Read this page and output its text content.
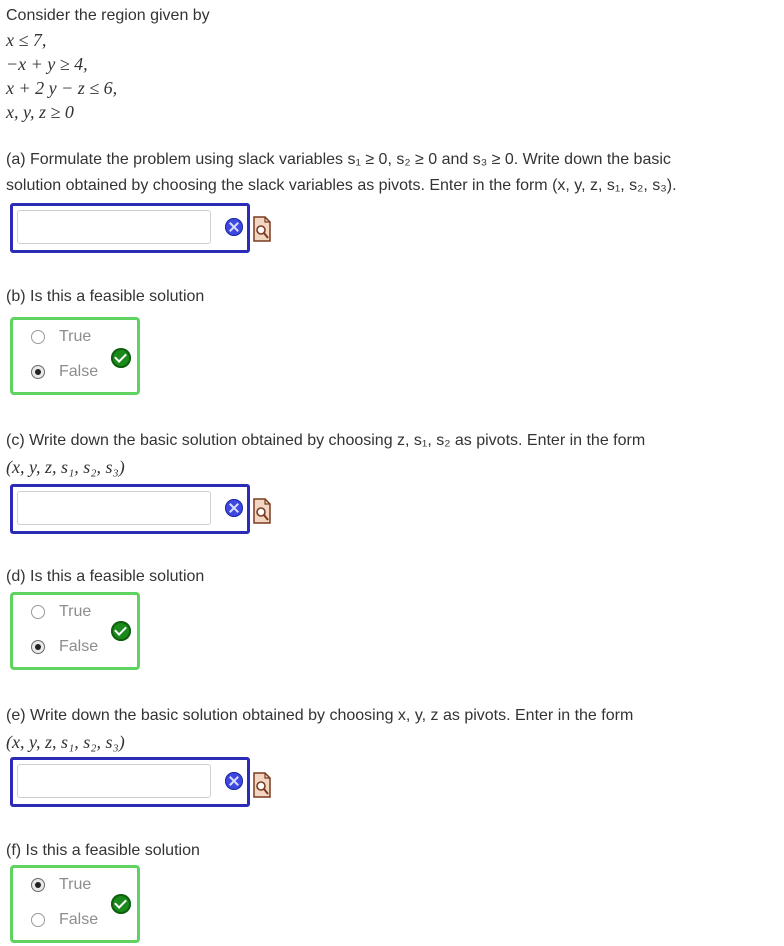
Consider the region given by
x ≤ 7,
−x + y ≥ 4,
x + 2 y − z ≤ 6,
x, y, z ≥ 0
(a) Formulate the problem using slack variables s₁ ≥ 0, s₂ ≥ 0 and s₃ ≥ 0. Write down the basic
solution obtained by choosing the slack variables as pivots. Enter in the form (x, y, z, s₁, s₂, s₃).
(b) Is this a feasible solution
True
False
(c) Write down the basic solution obtained by choosing z, s₁, s₂ as pivots. Enter in the form
(x, y, z, s₁, s₂, s₃)
(d) Is this a feasible solution
True
False
(e) Write down the basic solution obtained by choosing x, y, z as pivots. Enter in the form
(x, y, z, s₁, s₂, s₃)
(f) Is this a feasible solution
True
False
